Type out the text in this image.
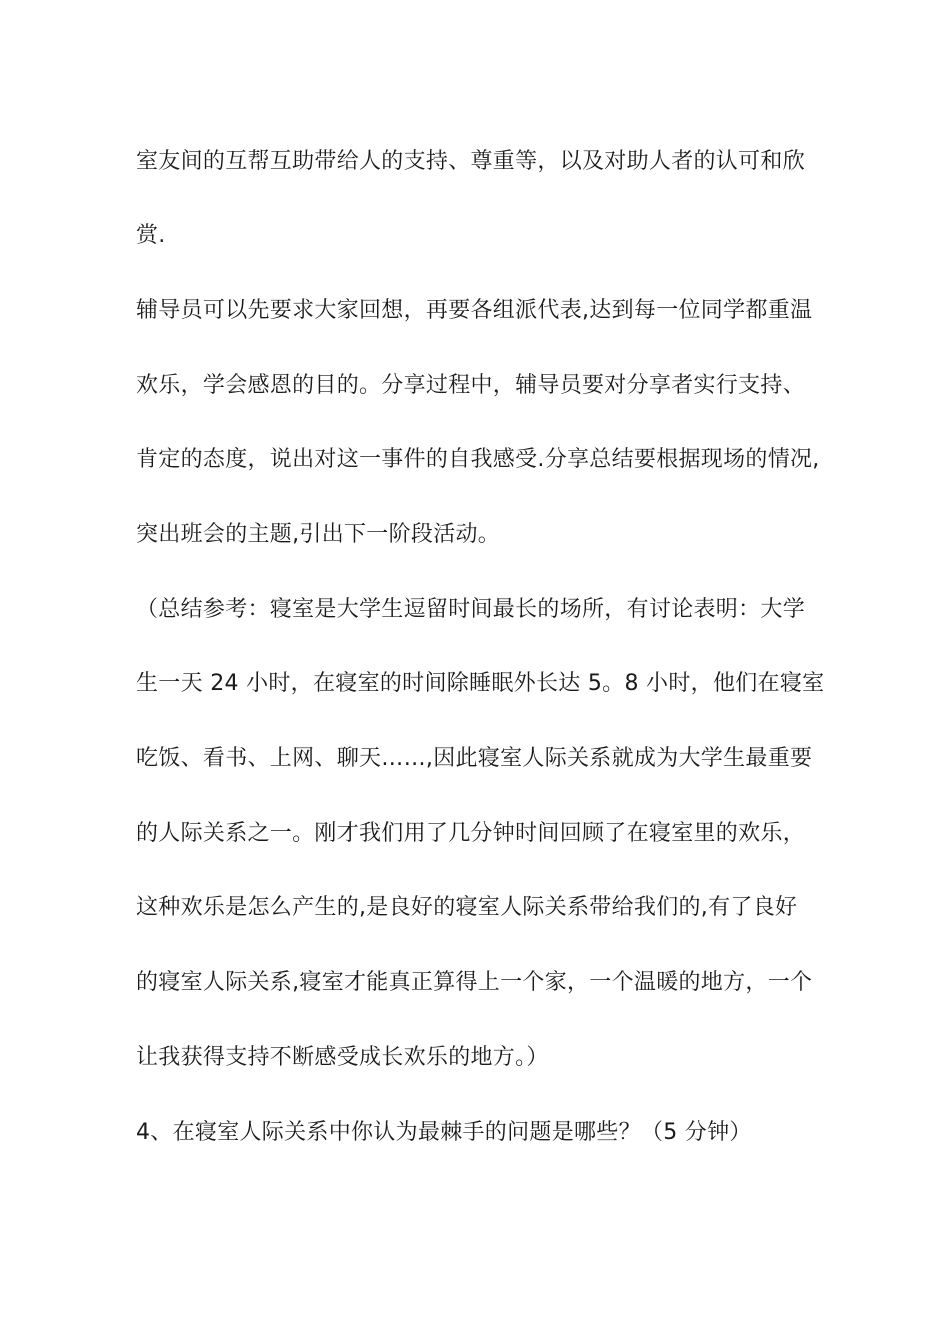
室友间的互帮互助带给人的支持、尊重等，以及对助人者的认可和欣
赏.
辅导员可以先要求大家回想，再要各组派代表,达到每一位同学都重温
欢乐，学会感恩的目的。分享过程中，辅导员要对分享者实行支持、
肯定的态度，说出对这一事件的自我感受.分享总结要根据现场的情况,
突出班会的主题,引出下一阶段活动。
（总结参考：寝室是大学生逗留时间最长的场所，有讨论表明：大学
生一天 24 小时，在寝室的时间除睡眠外长达 5。8 小时，他们在寝室
吃饭、看书、上网、聊天……,因此寝室人际关系就成为大学生最重要
的人际关系之一。刚才我们用了几分钟时间回顾了在寝室里的欢乐，
这种欢乐是怎么产生的,是良好的寝室人际关系带给我们的,有了良好
的寝室人际关系,寝室才能真正算得上一个家，一个温暖的地方，一个
让我获得支持不断感受成长欢乐的地方。）
4、在寝室人际关系中你认为最棘手的问题是哪些？（5 分钟）
